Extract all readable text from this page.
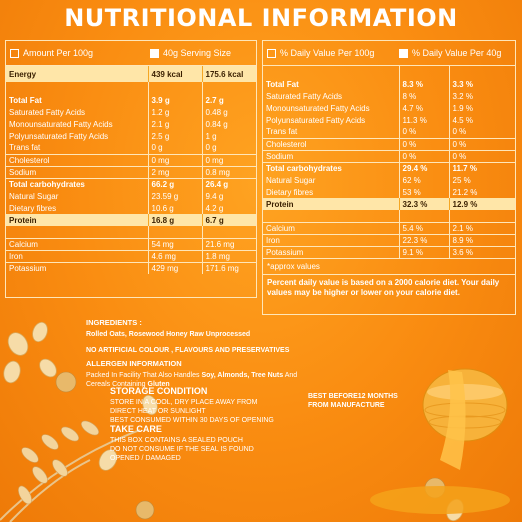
NUTRITIONAL INFORMATION
Amount Per 100g	40g Serving Size
Energy	439 kcal	175.6 kcal

Total Fat	3.9 g	2.7 g
Saturated Fatty Acids	1.2 g	0.48 g
Monounsaturated Fatty Acids	2.1 g	0.84 g
Polyunsaturated Fatty Acids	2.5 g	1 g
Trans fat	0 g	0 g
Cholesterol	0 mg	0 mg
Sodium	2 mg	0.8 mg
Total carbohydrates	66.2 g	26.4 g
Natural Sugar	23.59 g	9.4 g
Dietary fibres	10.6 g	4.2 g
Protein	16.8 g	6.7 g

Calcium	54 mg	21.6 mg
Iron	4.6 mg	1.8 mg
Potassium	429 mg	171.6 mg
% Daily Value Per 100g	% Daily Value Per 40g

Total Fat	8.3 %	3.3 %
Saturated Fatty Acids	8 %	3.2 %
Monounsaturated Fatty Acids	4.7 %	1.9 %
Polyunsaturated Fatty Acids	11.3 %	4.5 %
Trans fat	0 %	0 %
Cholesterol	0 %	0 %
Sodium	0 %	0 %
Total carbohydrates	29.4 %	11.7 %
Natural Sugar	62 %	25 %
Dietary fibres	53 %	21.2 %
Protein	32.3 %	12.9 %

Calcium	5.4 %	2.1 %
Iron	22.3 %	8.9 %
Potassium	9.1 %	3.6 %
*approx values
Percent daily value is based on a 2000 calorie diet. Your daily values may be higher or lower on your calorie diet.
INGREDIENTS :
Rolled Oats, Rosewood Honey Raw Unprocessed
NO ARTIFICIAL COLOUR , FLAVOURS AND PRESERVATIVES
ALLERGEN INFORMATION
Packed In Facility That Also Handles Soy, Almonds, Tree Nuts And
Cereals Containing Gluten
STORAGE CONDITION
STORE IN A COOL, DRY PLACE AWAY FROM
DIRECT HEAT OR SUNLIGHT
BEST CONSUMED WITHIN 30 DAYS OF OPENING
TAKE CARE
THIS BOX CONTAINS A SEALED POUCH
DO NOT CONSUME IF THE SEAL IS FOUND
OPENED / DAMAGED
BEST BEFORE12 MONTHS
FROM MANUFACTURE
